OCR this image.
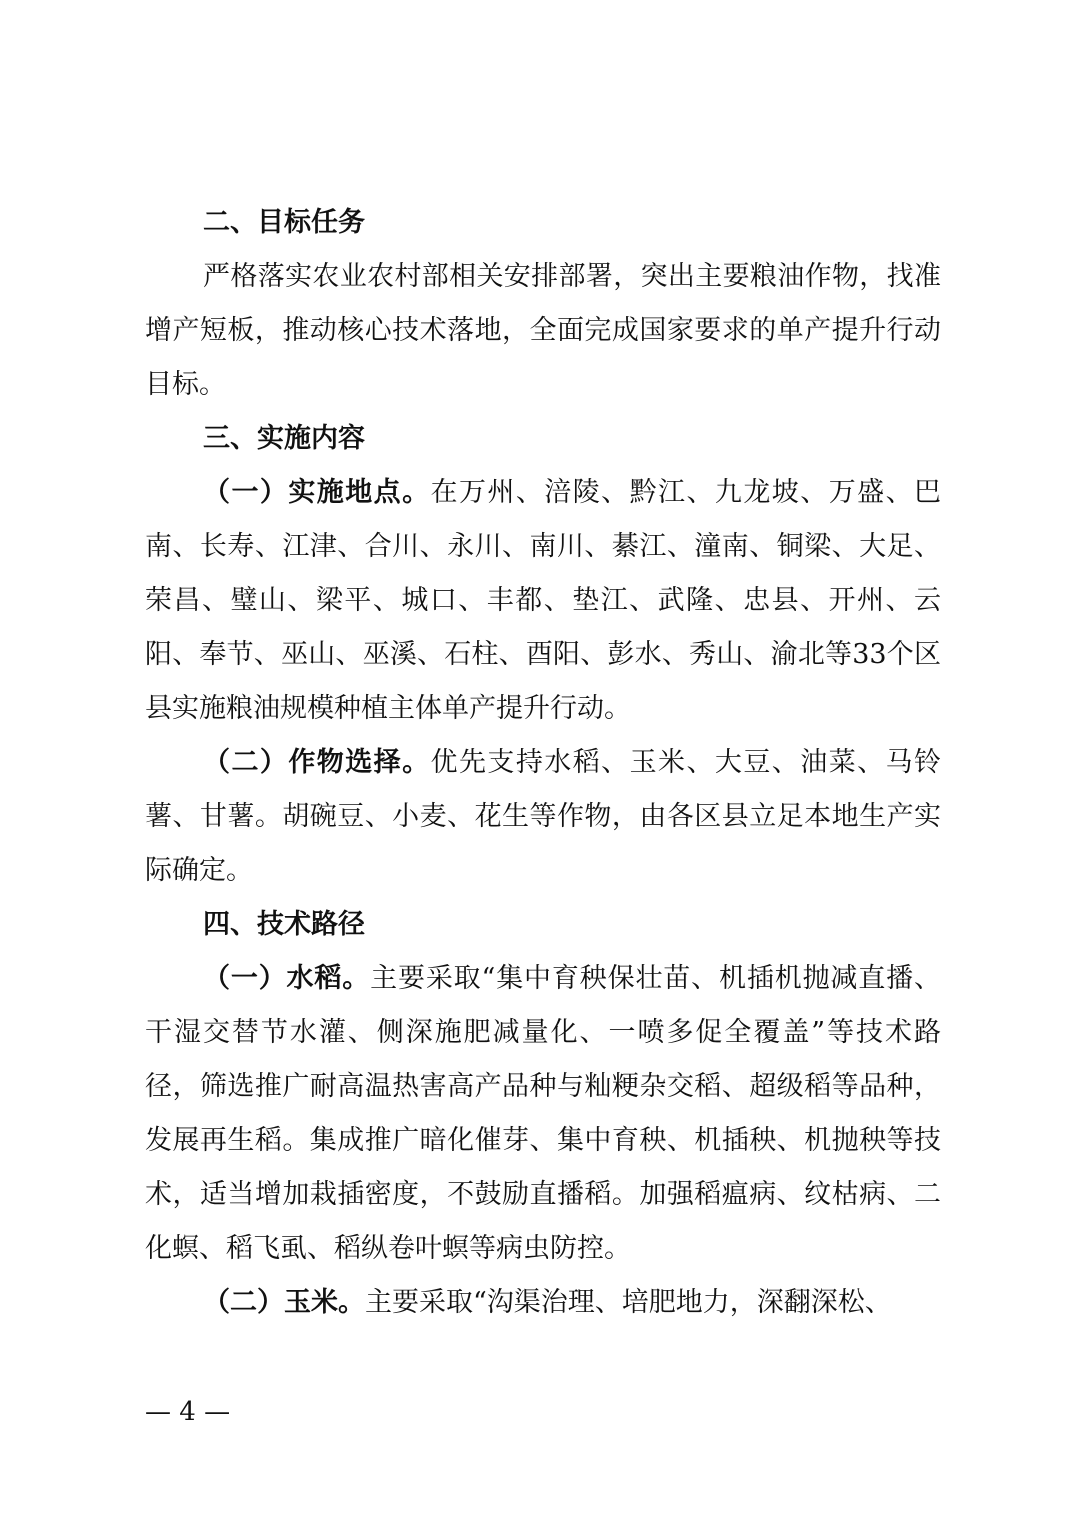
二、目标任务

严格落实农业农村部相关安排部署，突出主要粮油作物，找准增产短板，推动核心技术落地，全面完成国家要求的单产提升行动目标。

三、实施内容

（一）实施地点。在万州、涪陵、黔江、九龙坡、万盛、巴南、长寿、江津、合川、永川、南川、綦江、潼南、铜梁、大足、荣昌、璧山、梁平、城口、丰都、垫江、武隆、忠县、开州、云阳、奉节、巫山、巫溪、石柱、酉阳、彭水、秀山、渝北等33个区县实施粮油规模种植主体单产提升行动。

（二）作物选择。优先支持水稻、玉米、大豆、油菜、马铃薯、甘薯。胡碗豆、小麦、花生等作物，由各区县立足本地生产实际确定。

四、技术路径

（一）水稻。主要采取“集中育秧保壮苗、机插机抛减直播、干湿交替节水灌、侧深施肥减量化、一喷多促全覆盖”等技术路径，筛选推广耐高温热害高产品种与籼粳杂交稻、超级稻等品种，发展再生稻。集成推广暗化催芽、集中育秧、机插秧、机抛秧等技术，适当增加栽插密度，不鼓励直播稻。加强稻瘟病、纹枯病、二化螟、稻飞虱、稻纵卷叶螟等病虫防控。

（二）玉米。主要采取“沟渠治理、培肥地力，深翻深松、

— 4 —
